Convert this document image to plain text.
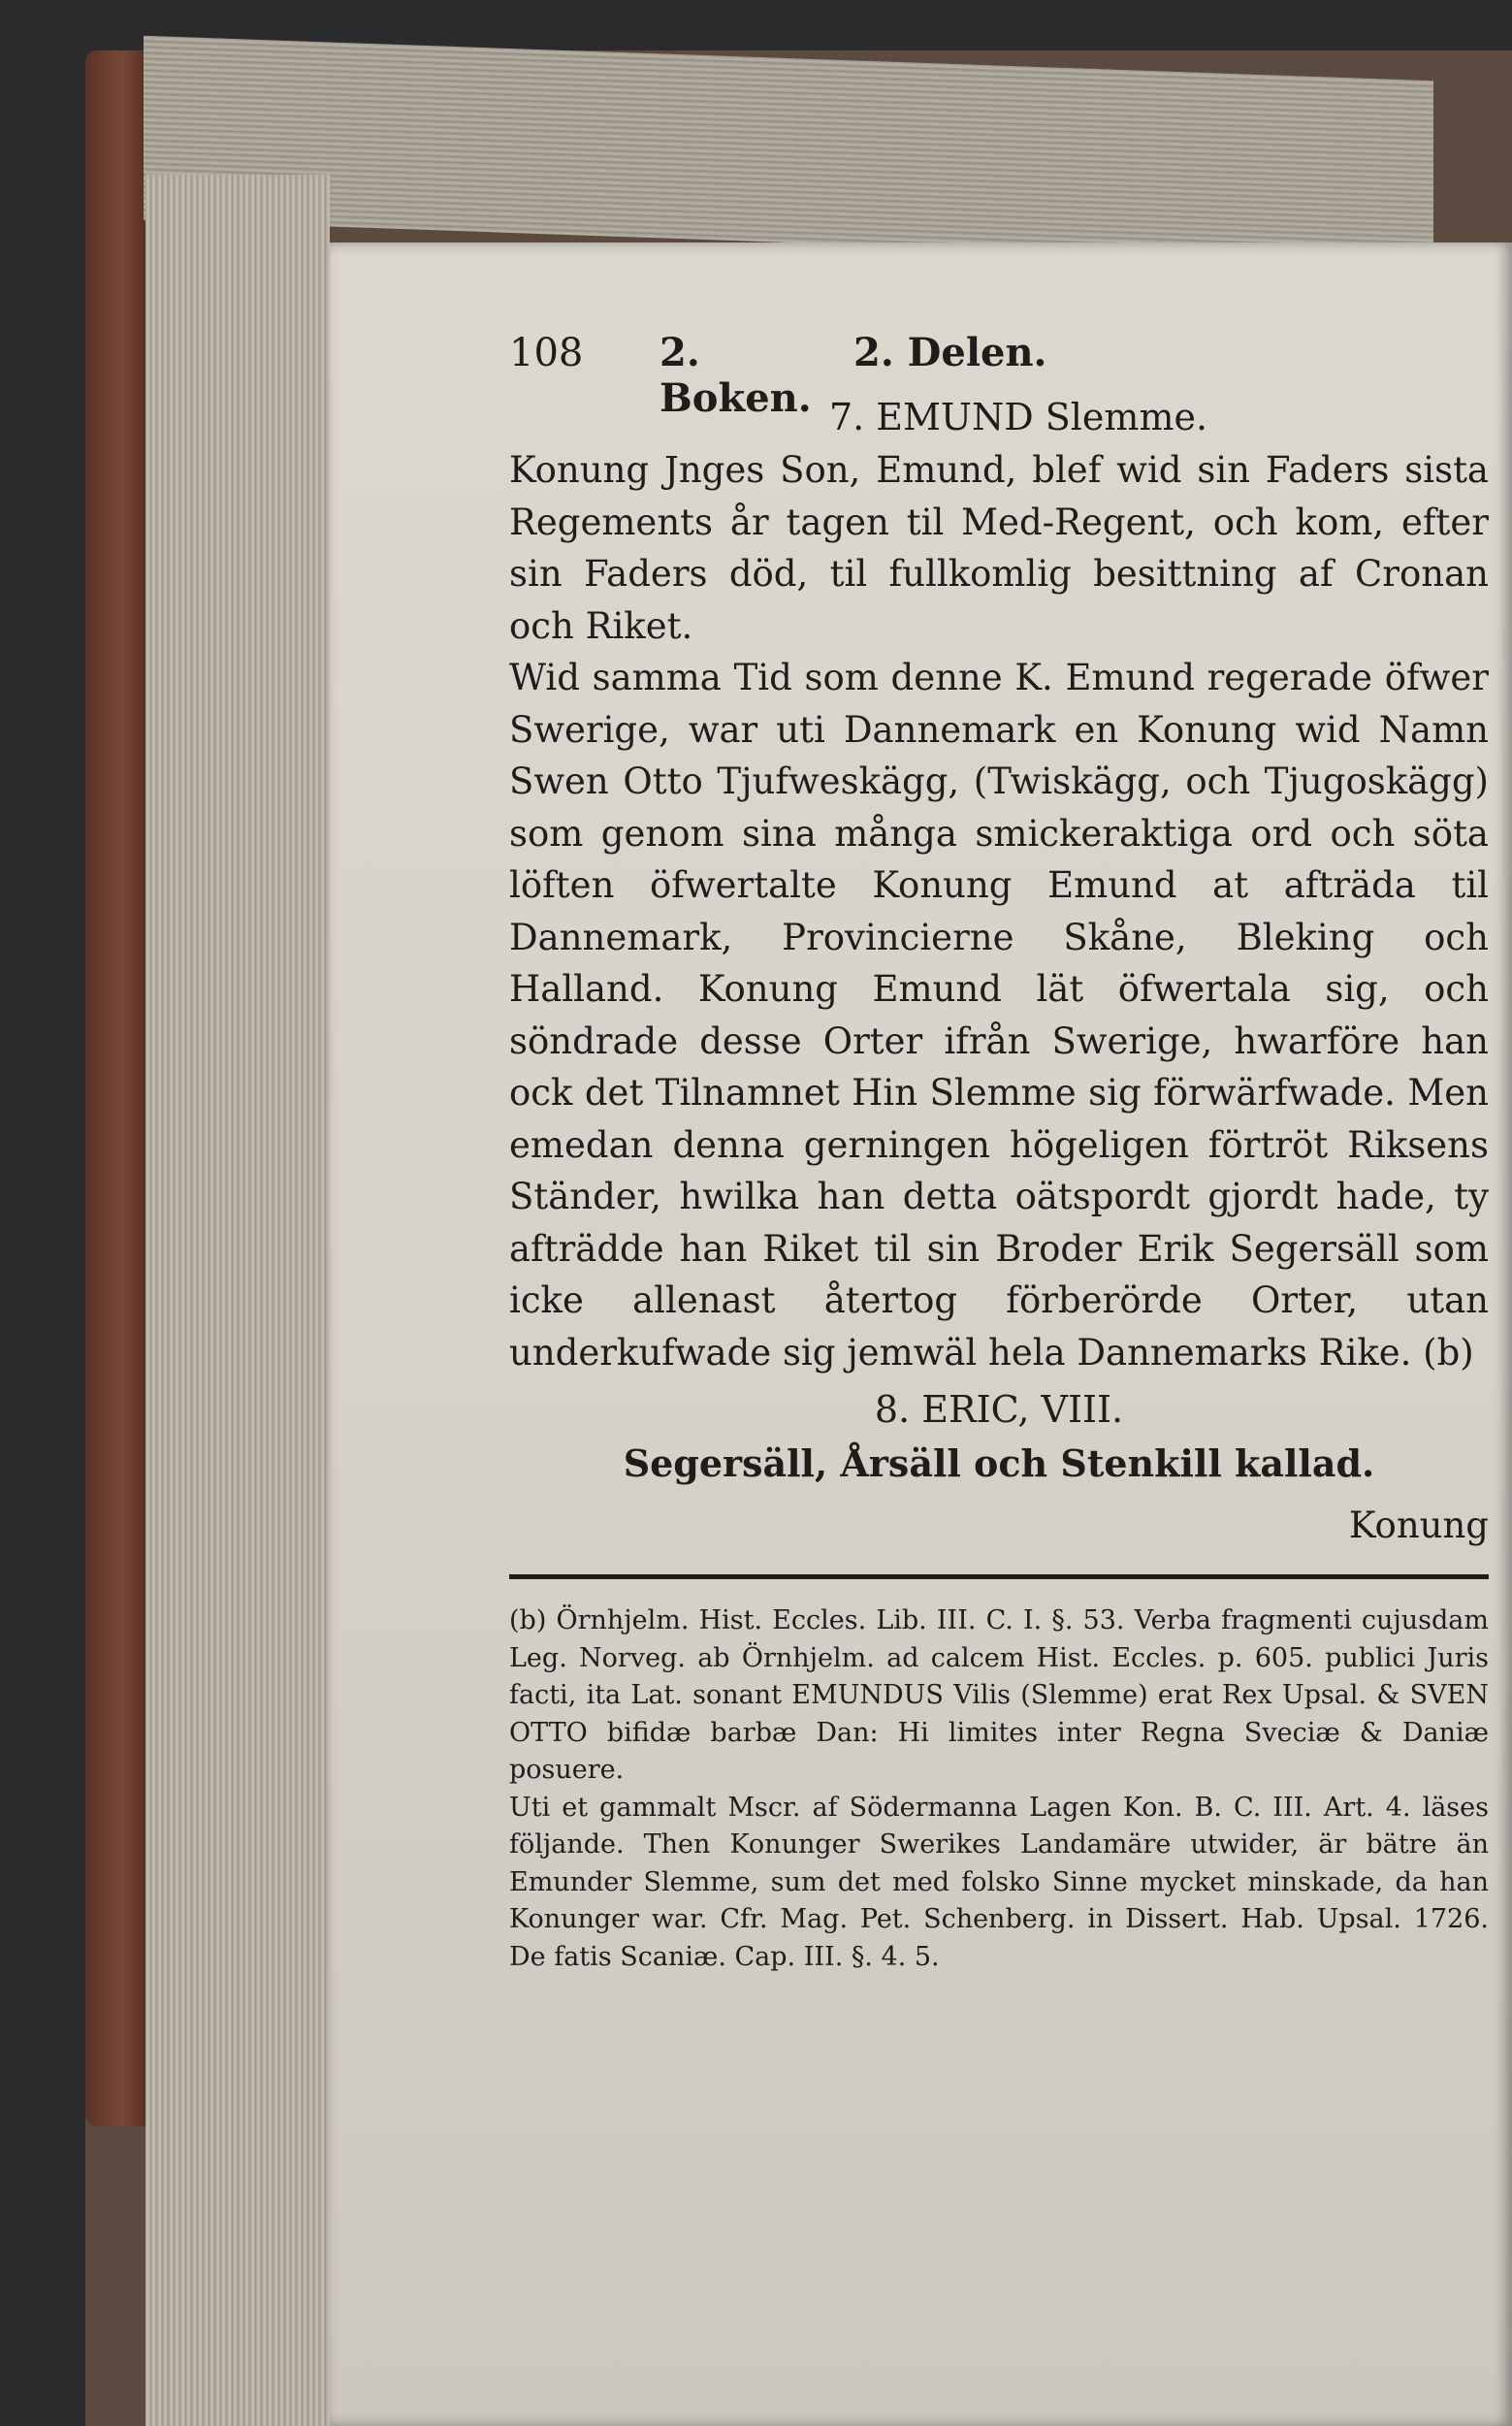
108	2. Boken.
2. Delen.
7. EMUND Slemme.

Konung Jnges Son, Emund, blef wid sin Faders sista Regements år tagen til Med-Regent, och kom, efter sin Faders död, til fullkomlig besittning af Cronan och Riket.
Wid samma Tid som denne K. Emund regerade öfwer Swerige, war uti Dannemark en Konung wid Namn Swen Otto Tjufweskägg, (Twiskägg, och Tjugoskägg) som genom sina många smickeraktiga ord och söta löften öfwertalte Konung Emund at afträda til Dannemark, Provincierne Skåne, Bleking och Halland. Konung Emund lät öfwertala sig, och söndrade desse Orter ifrån Swerige, hwarföre han ock det Tilnamnet Hin Slemme sig förwärfwade. Men emedan denna gerningen högeligen förtröt Riksens Ständer, hwilka han detta oätspordt gjordt hade, ty afträdde han Riket til sin Broder Erik Segersäll som icke allenast återtog förberörde Orter, utan underkufwade sig jemwäl hela Dannemarks Rike. (b)

8. ERIC, VIII.
Segersäll, Årsäll och Stenkill kallad.
Konung

(b) Örnhjelm. Hist. Eccles. Lib. III. C. I. §. 53. Verba fragmenti cujusdam Leg. Norveg. ab Örnhjelm. ad calcem Hist. Eccles. p. 605. publici Juris facti, ita Lat. sonant EMUNDUS Vilis (Slemme) erat Rex Upsal. & SVEN OTTO bifidæ barbæ Dan: Hi limites inter Regna Sveciæ & Daniæ posuere.
Uti et gammalt Mscr. af Södermanna Lagen Kon. B. C. III. Art. 4. läses följande. Then Konunger Swerikes Landamäre utwider, är bätre än Emunder Slemme, sum det med folsko Sinne mycket minskade, da han Konunger war. Cfr. Mag. Pet. Schenberg. in Dissert. Hab. Upsal. 1726. De fatis Scaniæ. Cap. III. §. 4. 5.
